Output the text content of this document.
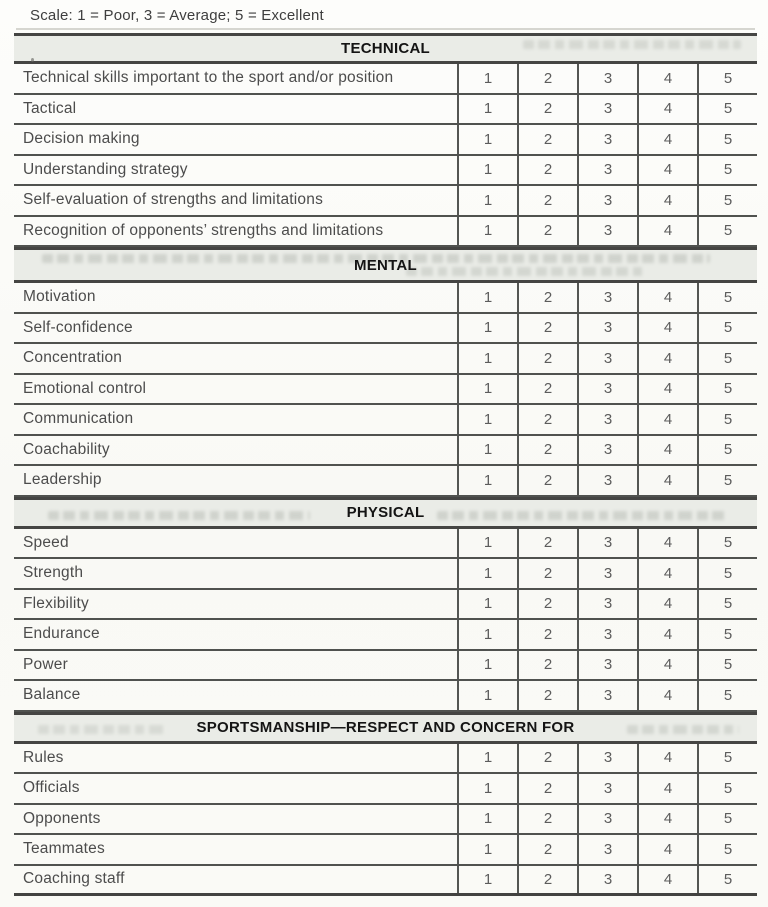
Scale: 1 = Poor, 3 = Average; 5 = Excellent
TECHNICAL
Technical skills important to the sport and/or position	1	2	3	4	5
Tactical	1	2	3	4	5
Decision making	1	2	3	4	5
Understanding strategy	1	2	3	4	5
Self-evaluation of strengths and limitations	1	2	3	4	5
Recognition of opponents’ strengths and limitations	1	2	3	4	5
MENTAL
Motivation	1	2	3	4	5
Self-confidence	1	2	3	4	5
Concentration	1	2	3	4	5
Emotional control	1	2	3	4	5
Communication	1	2	3	4	5
Coachability	1	2	3	4	5
Leadership	1	2	3	4	5
PHYSICAL
Speed	1	2	3	4	5
Strength	1	2	3	4	5
Flexibility	1	2	3	4	5
Endurance	1	2	3	4	5
Power	1	2	3	4	5
Balance	1	2	3	4	5
SPORTSMANSHIP—RESPECT AND CONCERN FOR
Rules	1	2	3	4	5
Officials	1	2	3	4	5
Opponents	1	2	3	4	5
Teammates	1	2	3	4	5
Coaching staff	1	2	3	4	5
